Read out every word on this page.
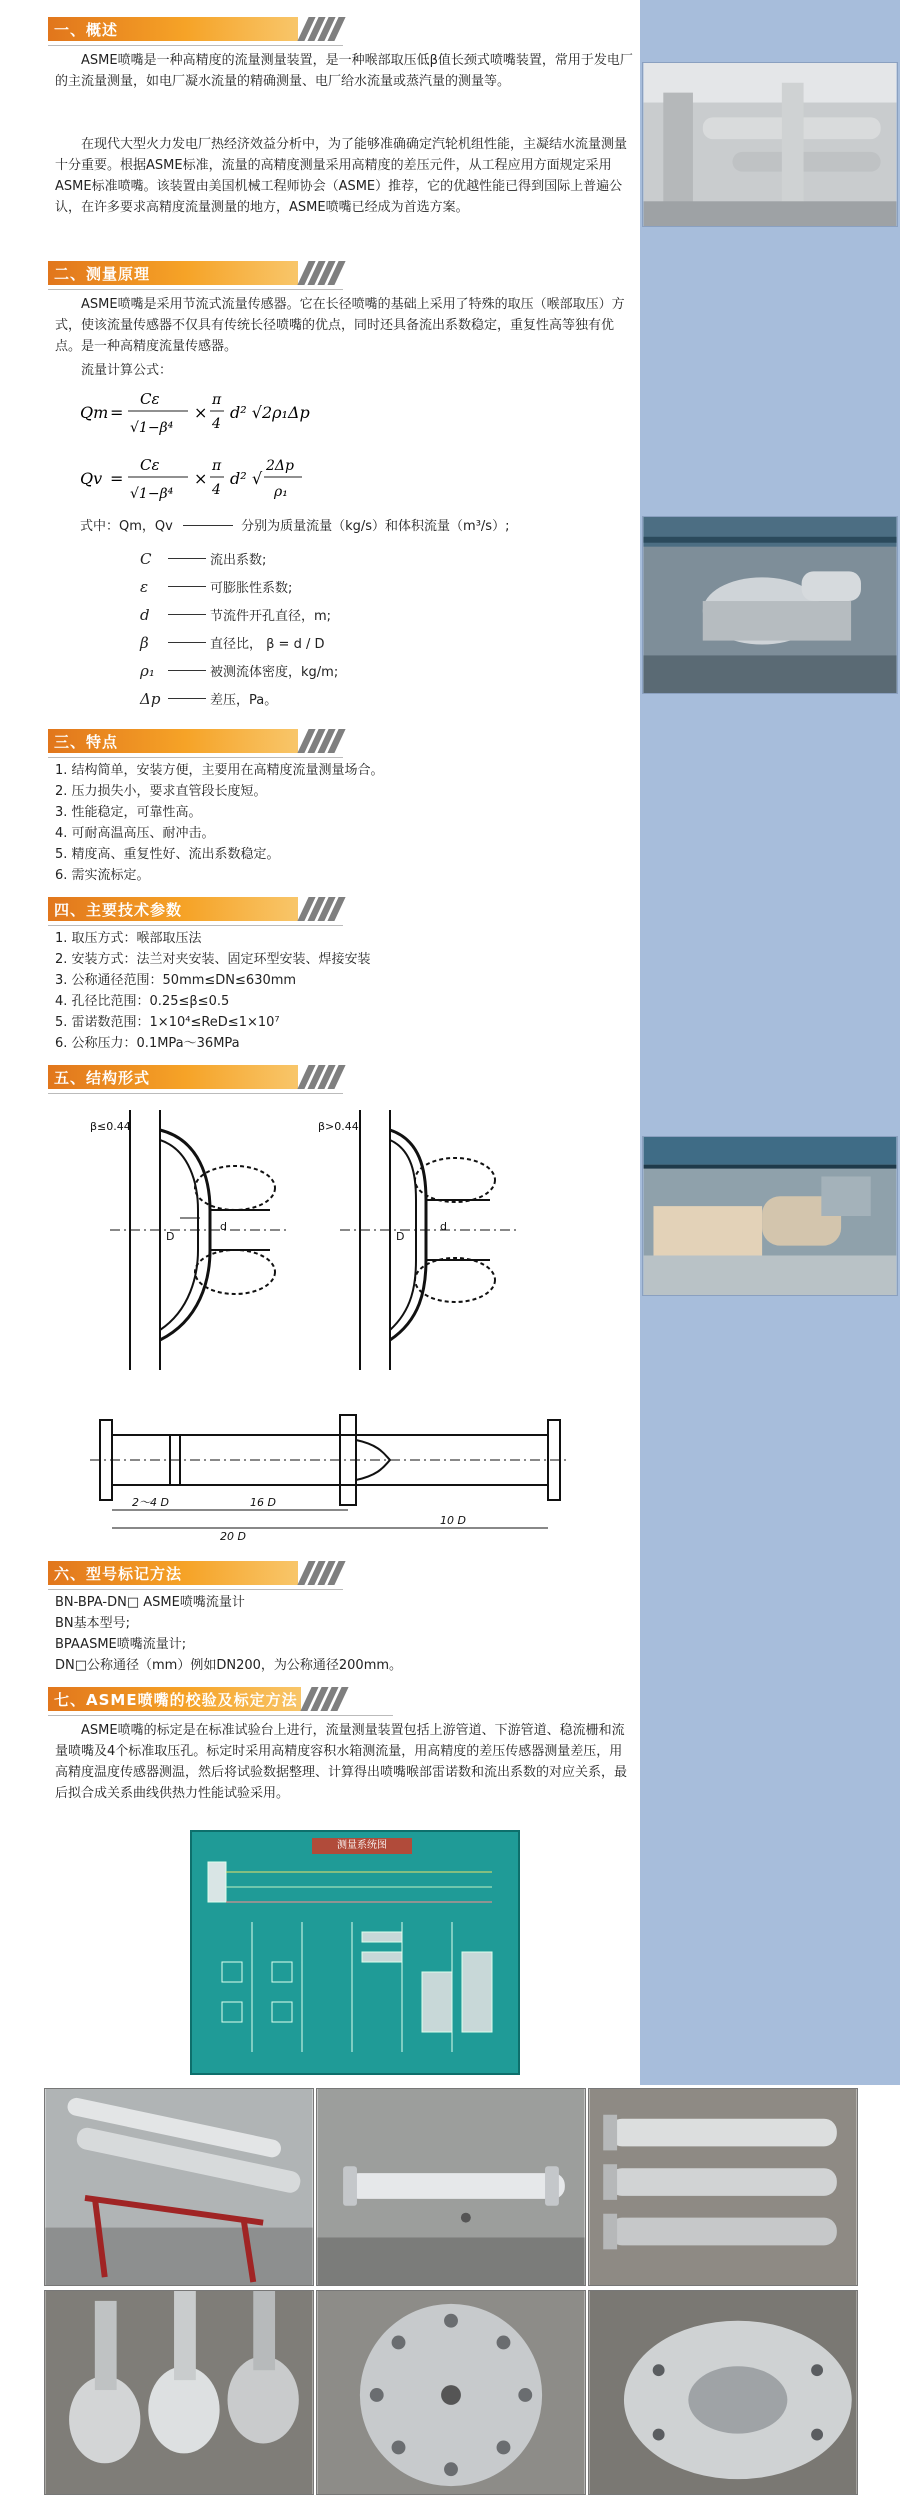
一、概述
ASME喷嘴是一种高精度的流量测量装置，是一种喉部取压低β值长颈式喷嘴装置，常用于发电厂的主流量测量，如电厂凝水流量的精确测量、电厂给水流量或蒸汽量的测量等。
在现代大型火力发电厂热经济效益分析中，为了能够准确确定汽轮机组性能，主凝结水流量测量十分重要。根据ASME标准，流量的高精度测量采用高精度的差压元件，从工程应用方面规定采用ASME标准喷嘴。该装置由美国机械工程师协会（ASME）推荐，它的优越性能已得到国际上普遍公认，在许多要求高精度流量测量的地方，ASME喷嘴已经成为首选方案。
二、测量原理
ASME喷嘴是采用节流式流量传感器。它在长径喷嘴的基础上采用了特殊的取压（喉部取压）方式，使该流量传感器不仅具有传统长径喷嘴的优点，同时还具备流出系数稳定，重复性高等独有优点。是一种高精度流量传感器。
流量计算公式：
Qm =
Cε
√1−β⁴
×
π
4
d² √2ρ₁Δp
Qv =
Cε
√1−β⁴
×
π
4
d² √
2Δp
ρ₁
式中：Qm，Qv	分别为质量流量（kg/s）和体积流量（m³/s）;
C	流出系数;
ε	可膨胀性系数;
d	节流件开孔直径，m;
β	直径比， β = d / D
ρ₁	被测流体密度，kg/m;
Δp	差压，Pa。
三、特点
1. 结构简单，安装方便，主要用在高精度流量测量场合。
2. 压力损失小，要求直管段长度短。
3. 性能稳定，可靠性高。
4. 可耐高温高压、耐冲击。
5. 精度高、重复性好、流出系数稳定。
6. 需实流标定。
四、主要技术参数
1. 取压方式：喉部取压法
2. 安装方式：法兰对夹安装、固定环型安装、焊接安装
3. 公称通径范围：50mm≤DN≤630mm
4. 孔径比范围：0.25≤β≤0.5
5. 雷诺数范围：1×10⁴≤ReD≤1×10⁷
6. 公称压力：0.1MPa～36MPa
五、结构形式
β≤0.44	β>0.44
d	d
D	D
2～4 D	16 D
20 D
10 D
六、型号标记方法
BN-BPA-DN□ ASME喷嘴流量计
BN基本型号;
BPAASME喷嘴流量计;
DN□公称通径（mm）例如DN200，为公称通径200mm。
七、ASME喷嘴的校验及标定方法
ASME喷嘴的标定是在标准试验台上进行，流量测量装置包括上游管道、下游管道、稳流栅和流量喷嘴及4个标准取压孔。标定时采用高精度容积水箱测流量，用高精度的差压传感器测量差压，用高精度温度传感器测温，然后将试验数据整理、计算得出喷嘴喉部雷诺数和流出系数的对应关系，最后拟合成关系曲线供热力性能试验采用。
测量系统图
